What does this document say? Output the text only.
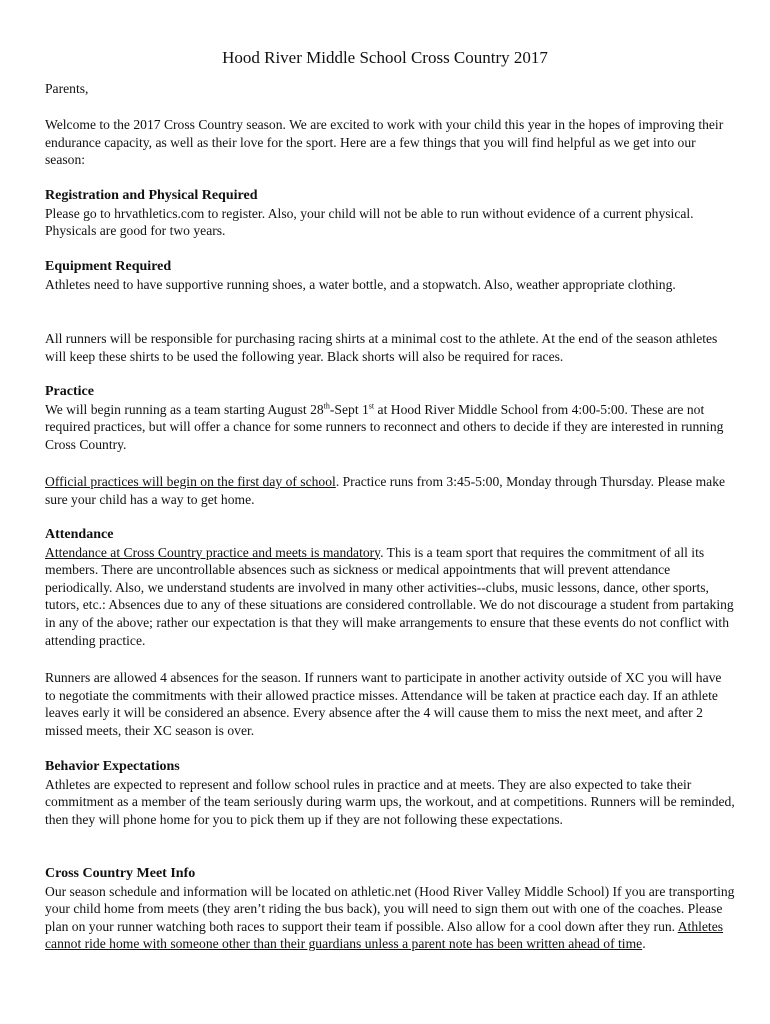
Hood River Middle School Cross Country 2017

Parents,

Welcome to the 2017 Cross Country season. We are excited to work with your child this year in the hopes of improving their endurance capacity, as well as their love for the sport. Here are a few things that you will find helpful as we get into our season:

Registration and Physical Required

Please go to hrvathletics.com to register. Also, your child will not be able to run without evidence of a current physical. Physicals are good for two years.

Equipment Required

Athletes need to have supportive running shoes, a water bottle, and a stopwatch. Also, weather appropriate clothing.

All runners will be responsible for purchasing racing shirts at a minimal cost to the athlete. At the end of the season athletes will keep these shirts to be used the following year. Black shorts will also be required for races.

Practice

We will begin running as a team starting August 28th-Sept 1st at Hood River Middle School from 4:00-5:00. These are not required practices, but will offer a chance for some runners to reconnect and others to decide if they are interested in running Cross Country.

Official practices will begin on the first day of school. Practice runs from 3:45-5:00, Monday through Thursday. Please make sure your child has a way to get home.

Attendance

Attendance at Cross Country practice and meets is mandatory. This is a team sport that requires the commitment of all its members. There are uncontrollable absences such as sickness or medical appointments that will prevent attendance periodically. Also, we understand students are involved in many other activities--clubs, music lessons, dance, other sports, tutors, etc.: Absences due to any of these situations are considered controllable. We do not discourage a student from partaking in any of the above; rather our expectation is that they will make arrangements to ensure that these events do not conflict with attending practice.

Runners are allowed 4 absences for the season. If runners want to participate in another activity outside of XC you will have to negotiate the commitments with their allowed practice misses. Attendance will be taken at practice each day. If an athlete leaves early it will be considered an absence. Every absence after the 4 will cause them to miss the next meet, and after 2 missed meets, their XC season is over.

Behavior Expectations

Athletes are expected to represent and follow school rules in practice and at meets. They are also expected to take their commitment as a member of the team seriously during warm ups, the workout, and at competitions. Runners will be reminded, then they will phone home for you to pick them up if they are not following these expectations.

Cross Country Meet Info

Our season schedule and information will be located on athletic.net (Hood River Valley Middle School) If you are transporting your child home from meets (they aren’t riding the bus back), you will need to sign them out with one of the coaches. Please plan on your runner watching both races to support their team if possible. Also allow for a cool down after they run. Athletes cannot ride home with someone other than their guardians unless a parent note has been written ahead of time.
